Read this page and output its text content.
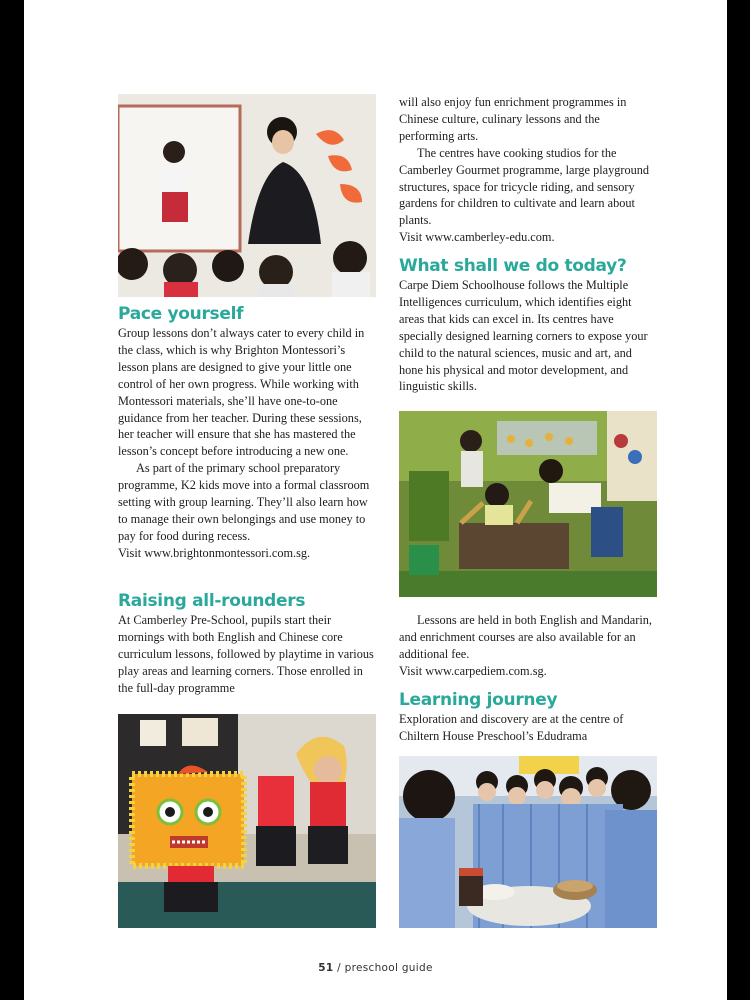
Pace yourself

Group lessons don’t always cater to every child in the class, which is why Brighton Montessori’s lesson plans are designed to give your little one control of her own progress. While working with Montessori materials, she’ll have one-to-one guidance from her teacher. During these sessions, her teacher will ensure that she has mastered the lesson’s concept before introducing a new one.

As part of the primary school preparatory programme, K2 kids move into a formal classroom setting with group learning. They’ll also learn how to manage their own belongings and use money to pay for food during recess.

Visit www.brightonmontessori.com.sg.

Raising all-rounders

At Camberley Pre-School, pupils start their mornings with both English and Chinese core curriculum lessons, followed by playtime in various play areas and learning corners. Those enrolled in the full-day programme

will also enjoy fun enrichment programmes in Chinese culture, culinary lessons and the performing arts.

The centres have cooking studios for the Camberley Gourmet programme, large playground structures, space for tricycle riding, and sensory gardens for children to cultivate and learn about plants.

Visit www.camberley-edu.com.

What shall we do today?

Carpe Diem Schoolhouse follows the Multiple Intelligences curriculum, which identifies eight areas that kids can excel in. Its centres have specially designed learning corners to expose your child to the natural sciences, music and art, and hone his physical and motor development, and linguistic skills.

Lessons are held in both English and Mandarin, and enrichment courses are also available for an additional fee.

Visit www.carpediem.com.sg.

Learning journey

Exploration and discovery are at the centre of Chiltern House Preschool’s Edudrama

51 / preschool guide
